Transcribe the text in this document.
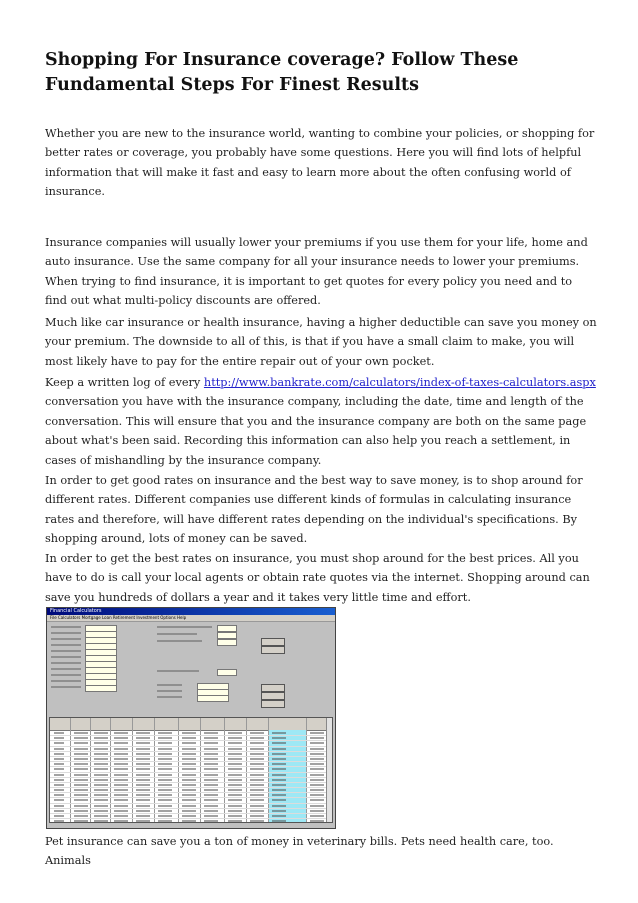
Shopping For Insurance coverage? Follow These Fundamental Steps For Finest Results

Whether you are new to the insurance world, wanting to combine your policies, or shopping for better rates or coverage, you probably have some questions. Here you will find lots of helpful information that will make it fast and easy to learn more about the often confusing world of insurance.

Insurance companies will usually lower your premiums if you use them for your life, home and auto insurance. Use the same company for all your insurance needs to lower your premiums. When trying to find insurance, it is important to get quotes for every policy you need and to find out what multi-policy discounts are offered.

Much like car insurance or health insurance, having a higher deductible can save you money on your premium. The downside to all of this, is that if you have a small claim to make, you will most likely have to pay for the entire repair out of your own pocket.

Keep a written log of every http://www.bankrate.com/calculators/index-of-taxes-calculators.aspx conversation you have with the insurance company, including the date, time and length of the conversation. This will ensure that you and the insurance company are both on the same page about what's been said. Recording this information can also help you reach a settlement, in cases of mishandling by the insurance company.

In order to get good rates on insurance and the best way to save money, is to shop around for different rates. Different companies use different kinds of formulas in calculating insurance rates and therefore, will have different rates depending on the individual's specifications. By shopping around, lots of money can be saved.

In order to get the best rates on insurance, you must shop around for the best prices. All you have to do is call your local agents or obtain rate quotes via the internet. Shopping around can save you hundreds of dollars a year and it takes very little time and effort.

Financial Calculators
File Calculators Mortgage Loan Retirement Investment Options Help

Pet insurance can save you a ton of money in veterinary bills. Pets need health care, too. Animals
